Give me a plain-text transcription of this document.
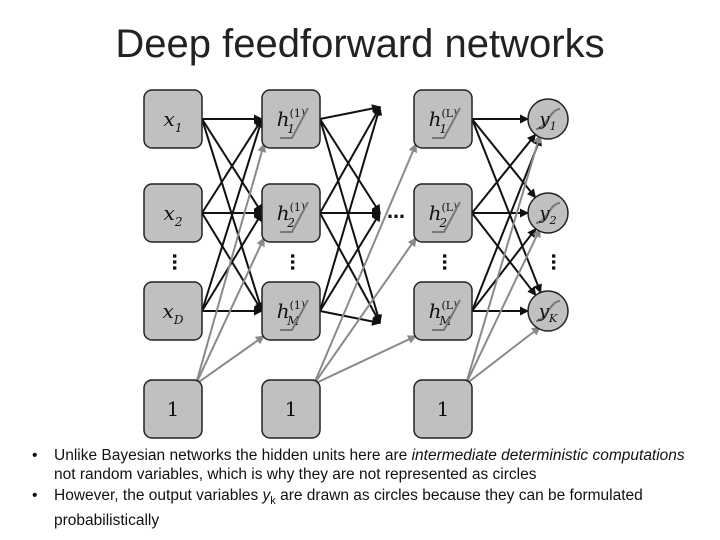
Deep feedforward networks
$x_1$
$x_2$
$x_D$
$h^{(1)}$ 1
$h^{(1)}$ 2
$h^{(1)}$ M
$h^{(L)}$ 1
$h^{(L)}$ 2
$h^{(L)}$ M
1	1	1
$y_1$
$y_2$
$y_K$
…
…	…	…	…
• Unlike Bayesian networks the hidden units here are intermediate deterministic computations not random variables, which is why they are not represented as circles
• However, the output variables $y_k$ are drawn as circles because they can be formulated probabilistically
